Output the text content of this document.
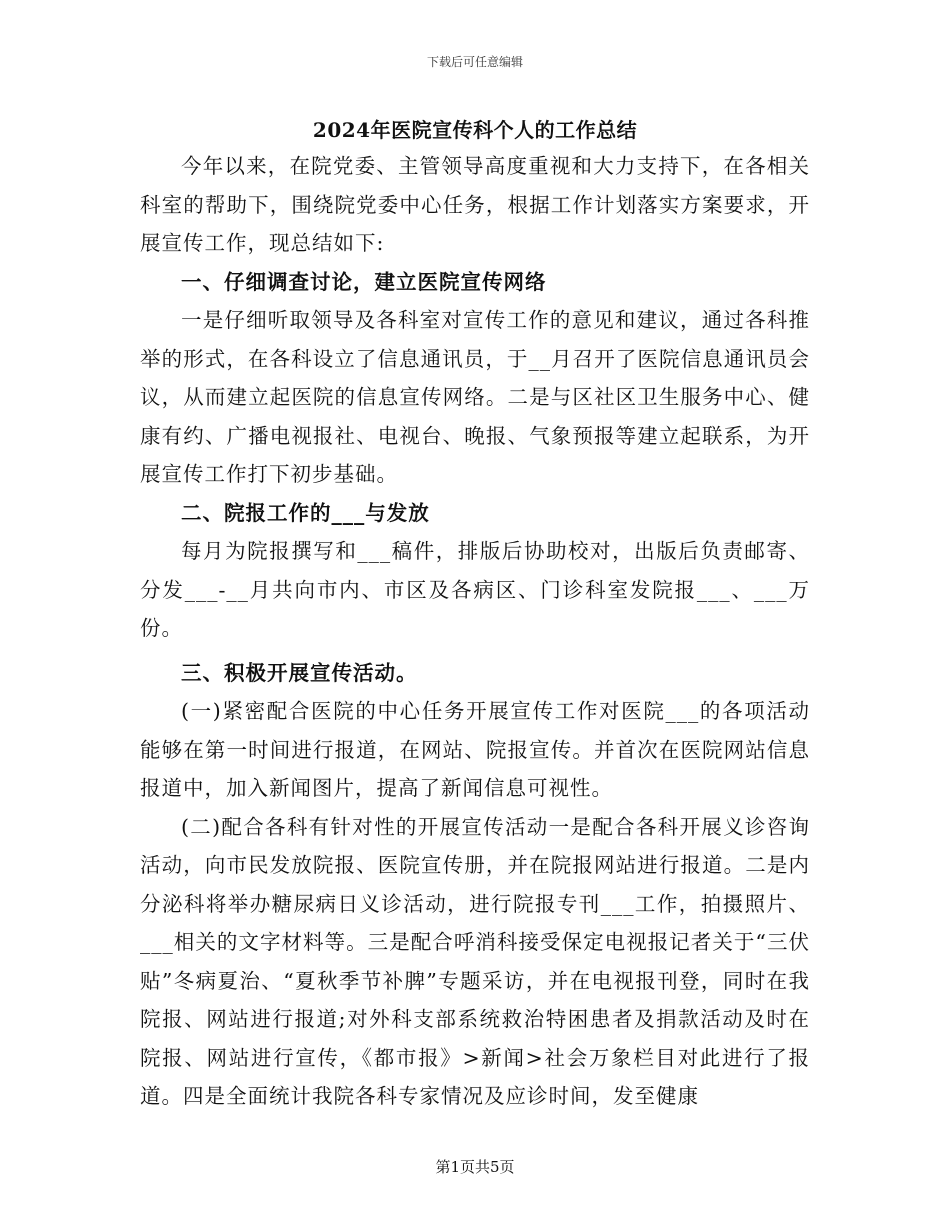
下载后可任意编辑
2024年医院宣传科个人的工作总结

今年以来，在院党委、主管领导高度重视和大力支持下，在各相关科室的帮助下，围绕院党委中心任务，根据工作计划落实方案要求，开展宣传工作，现总结如下:

一、仔细调查讨论，建立医院宣传网络

一是仔细听取领导及各科室对宣传工作的意见和建议，通过各科推举的形式，在各科设立了信息通讯员，于__月召开了医院信息通讯员会议，从而建立起医院的信息宣传网络。二是与区社区卫生服务中心、健康有约、广播电视报社、电视台、晚报、气象预报等建立起联系，为开展宣传工作打下初步基础。

二、院报工作的___与发放

每月为院报撰写和___稿件，排版后协助校对，出版后负责邮寄、分发___-__月共向市内、市区及各病区、门诊科室发院报___、___万份。

三、积极开展宣传活动。

(一)紧密配合医院的中心任务开展宣传工作对医院___的各项活动能够在第一时间进行报道，在网站、院报宣传。并首次在医院网站信息报道中，加入新闻图片，提高了新闻信息可视性。

(二)配合各科有针对性的开展宣传活动一是配合各科开展义诊咨询活动，向市民发放院报、医院宣传册，并在院报网站进行报道。二是内分泌科将举办糖尿病日义诊活动，进行院报专刊___工作，拍摄照片、___相关的文字材料等。三是配合呼消科接受保定电视报记者关于“三伏贴”冬病夏治、“夏秋季节补脾”专题采访，并在电视报刊登，同时在我院报、网站进行报道;对外科支部系统救治特困患者及捐款活动及时在院报、网站进行宣传，《都市报》>新闻>社会万象栏目对此进行了报道。四是全面统计我院各科专家情况及应诊时间，发至健康

第1页共5页
